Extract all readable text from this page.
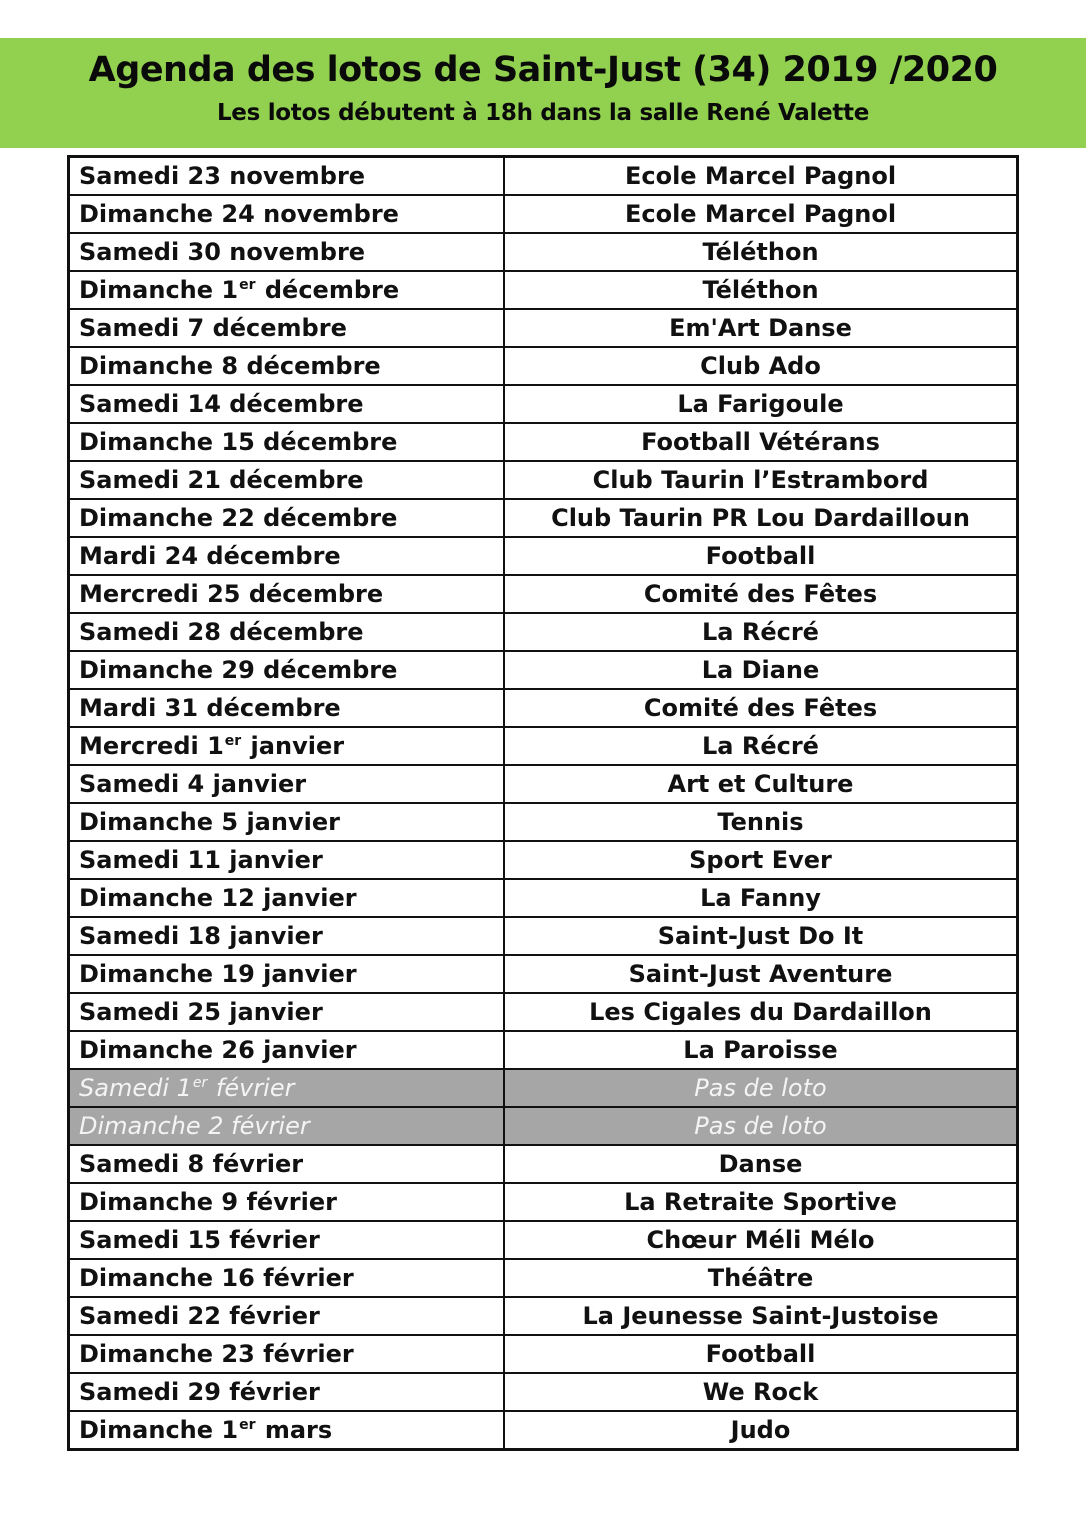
Agenda des lotos de Saint-Just (34) 2019 /2020
Les lotos débutent à 18h dans la salle René Valette
Samedi 23 novembre	Ecole Marcel Pagnol
Dimanche 24 novembre	Ecole Marcel Pagnol
Samedi 30 novembre	Téléthon
Dimanche 1er décembre	Téléthon
Samedi 7 décembre	Em'Art Danse
Dimanche 8 décembre	Club Ado
Samedi 14 décembre	La Farigoule
Dimanche 15 décembre	Football Vétérans
Samedi 21 décembre	Club Taurin l’Estrambord
Dimanche 22 décembre	Club Taurin PR Lou Dardailloun
Mardi 24 décembre	Football
Mercredi 25 décembre	Comité des Fêtes
Samedi 28 décembre	La Récré
Dimanche 29 décembre	La Diane
Mardi 31 décembre	Comité des Fêtes
Mercredi 1er janvier	La Récré
Samedi 4 janvier	Art et Culture
Dimanche 5 janvier	Tennis
Samedi 11 janvier	Sport Ever
Dimanche 12 janvier	La Fanny
Samedi 18 janvier	Saint-Just Do It
Dimanche 19 janvier	Saint-Just Aventure
Samedi 25 janvier	Les Cigales du Dardaillon
Dimanche 26 janvier	La Paroisse
Samedi 1er février	Pas de loto
Dimanche 2 février	Pas de loto
Samedi 8 février	Danse
Dimanche 9 février	La Retraite Sportive
Samedi 15 février	Chœur Méli Mélo
Dimanche 16 février	Théâtre
Samedi 22 février	La Jeunesse Saint-Justoise
Dimanche 23 février	Football
Samedi 29 février	We Rock
Dimanche 1er mars	Judo
